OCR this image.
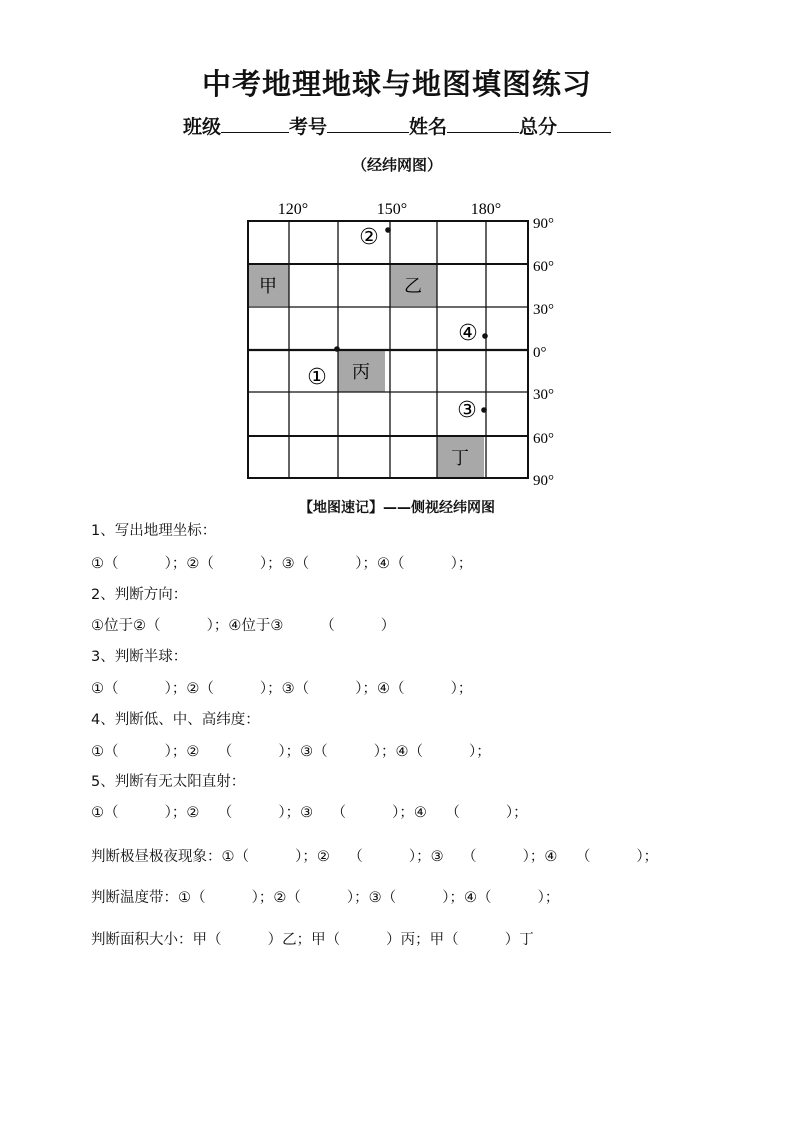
中考地理地球与地图填图练习
班级	考号	姓名	总分
（经纬网图）
120°	150°	180°
90°
60°
30°
0°
30°
60°
90°
甲	乙
丙
丁
②
④
①
③
【地图速记】——侧视经纬网图
1、写出地理坐标：
①（          ）；②（          ）；③（          ）；④（          ）；
2、判断方向：
①位于②（          ）；④位于③        （          ）
3、判断半球：
①（          ）；②（          ）；③（          ）；④（          ）；
4、判断低、中、高纬度：
①（          ）；②    （          ）；③（          ）；④（          ）；
5、判断有无太阳直射：
①（          ）；②    （          ）；③    （          ）；④    （          ）；
判断极昼极夜现象：①（          ）；②    （          ）；③    （          ）；④    （          ）；
判断温度带：①（          ）；②（          ）；③（          ）；④（          ）；
判断面积大小：甲（          ）乙；甲（          ）丙；甲（          ）丁
